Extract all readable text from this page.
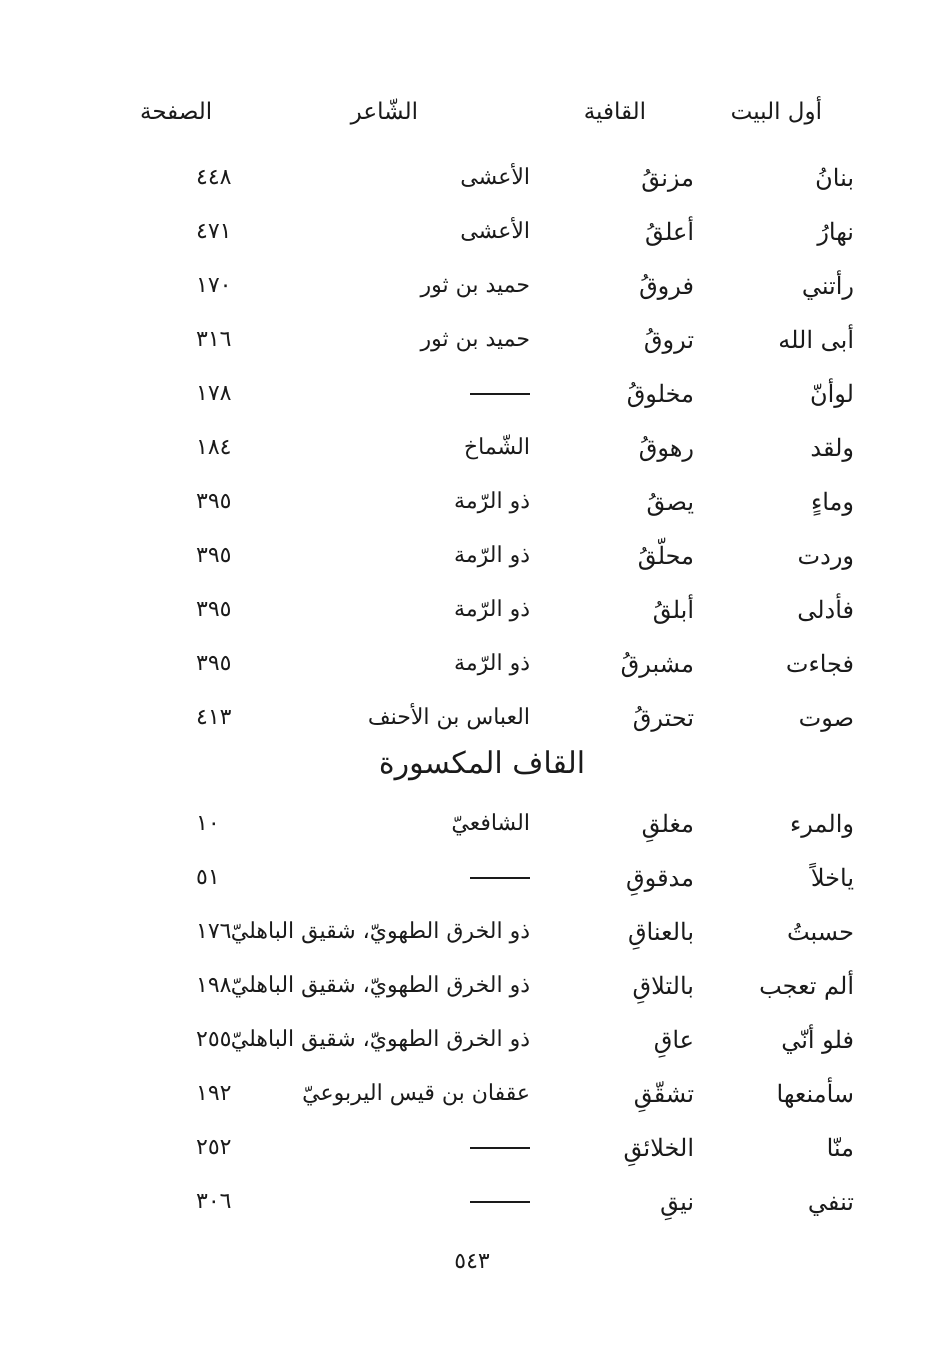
أول البيت
القافية
الشّاعر
الصفحة
بنانُ
مزنقُ
الأعشى
٤٤٨
نهارُ
أعلقُ
الأعشى
٤٧١
رأتني
فروقُ
حميد بن ثور
١٧٠
أبى الله
تروقُ
حميد بن ثور
٣١٦
لوأنّ
مخلوقُ
١٧٨
ولقد
رهوقُ
الشّماخ
١٨٤
وماءٍ
يصقُ
ذو الرّمة
٣٩٥
وردت
محلّقُ
ذو الرّمة
٣٩٥
فأدلى
أبلقُ
ذو الرّمة
٣٩٥
فجاءت
مشبرقُ
ذو الرّمة
٣٩٥
صوت
تحترقُ
العباس بن الأحنف
٤١٣
القاف المكسورة
والمرء
مغلقِ
الشافعيّ
١٠
ياخلاً
مدقوقِ
٥١
حسبتُ
بالعناقِ
ذو الخرق الطهويّ، شقيق الباهليّ
١٧٦
ألم تعجب
بالتلاقِ
ذو الخرق الطهويّ، شقيق الباهليّ
١٩٨
فلو أنّي
عاقِ
ذو الخرق الطهويّ، شقيق الباهليّ
٢٥٥
سأمنعها
تشقّقِ
عقفان بن قيس اليربوعيّ
١٩٢
منّا
الخلائقِ
٢٥٢
تنفي
نيقِ
٣٠٦
٥٤٣
